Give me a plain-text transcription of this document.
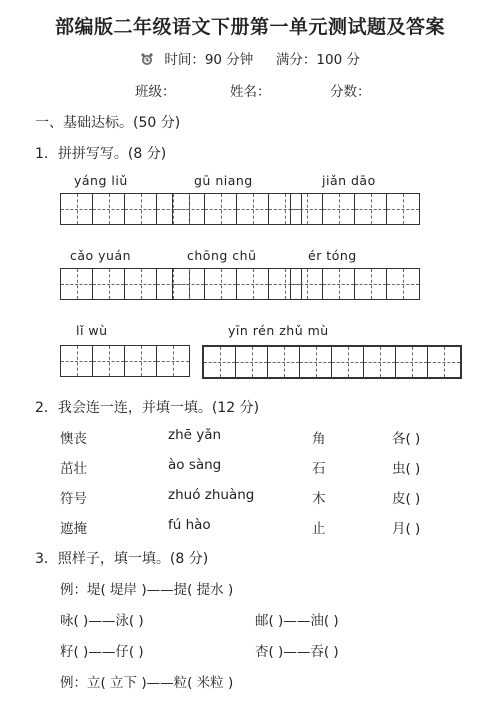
部编版二年级语文下册第一单元测试题及答案
时间：90 分钟 满分：100 分
班级：	姓名：	分数：
一、基础达标。(50 分)
1．拼拼写写。(8 分)
yáng liǔ	gū niang	jiǎn dāo
cǎo yuán	chōng chū	ér tóng
lǐ wù	yīn rén zhǔ mù
2．我会连一连，并填一填。(12 分)
懊丧	zhē yǎn	角	各( )
茁壮	ào sàng	石	虫( )
符号	zhuó zhuàng	木	皮( )
遮掩	fú hào	止	月( )
3．照样子，填一填。(8 分)
例：堤( 堤岸 )——提( 提水 )
咏( )——泳( )	邮( )——油( )
籽( )——仔( )	杏( )——吞( )
例：立( 立下 )——粒( 米粒 )
